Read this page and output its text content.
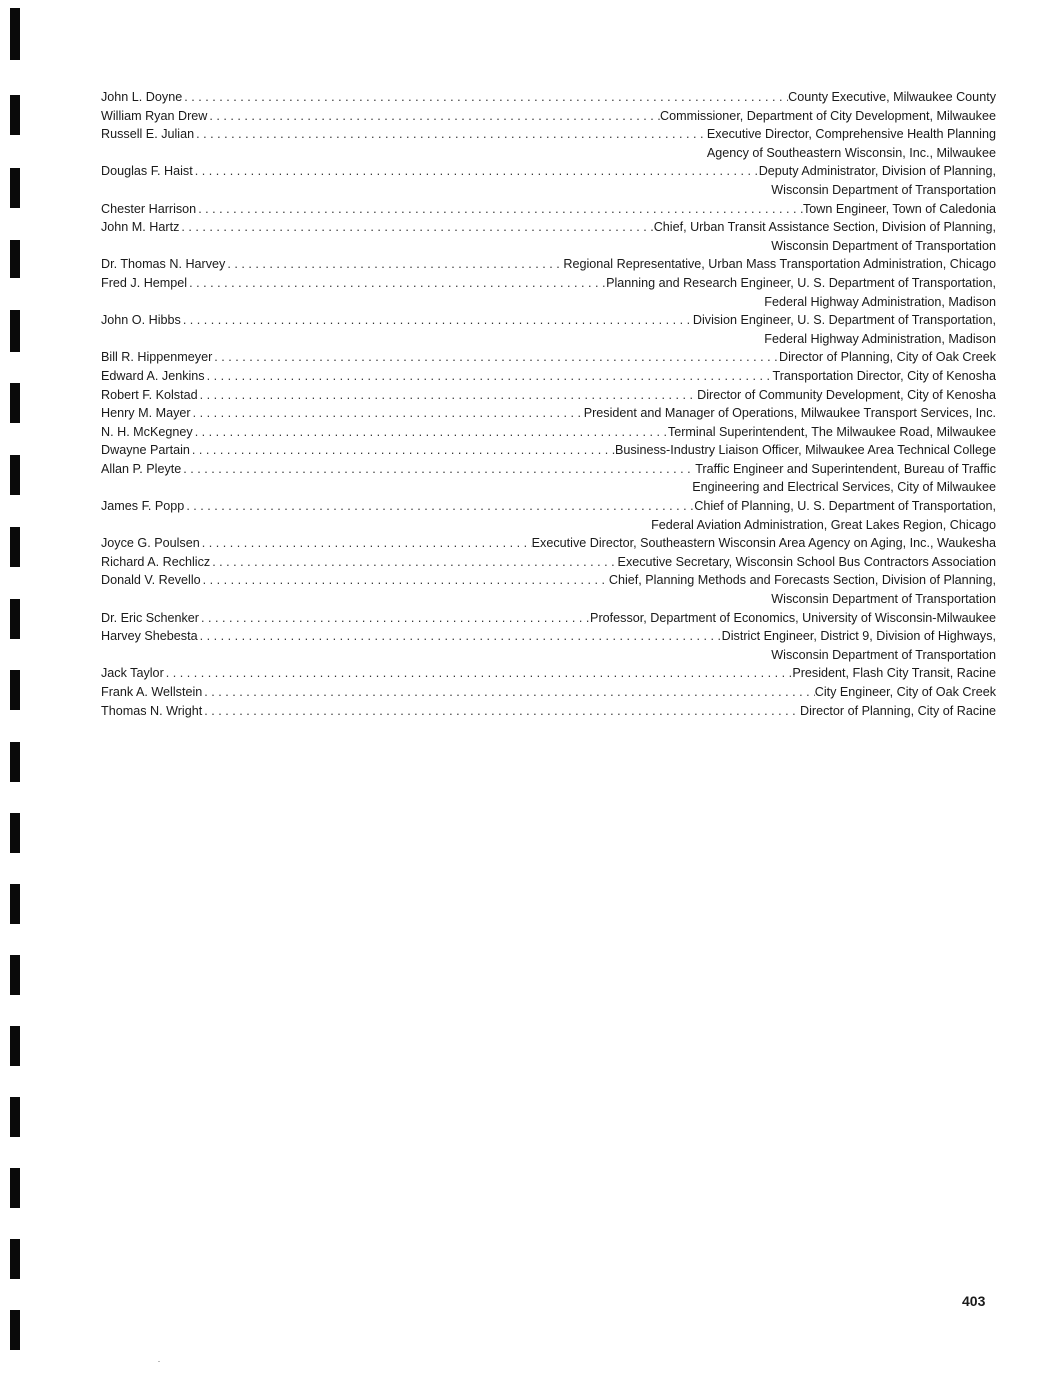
John L. Doyne . . .	County Executive, Milwaukee County
William Ryan Drew . . .	Commissioner, Department of City Development, Milwaukee
Russell E. Julian . . .	Executive Director, Comprehensive Health Planning
Agency of Southeastern Wisconsin, Inc., Milwaukee
Douglas F. Haist . . .	Deputy Administrator, Division of Planning,
Wisconsin Department of Transportation
Chester Harrison . . .	Town Engineer, Town of Caledonia
John M. Hartz . . .	Chief, Urban Transit Assistance Section, Division of Planning,
Wisconsin Department of Transportation
Dr. Thomas N. Harvey . . .	Regional Representative, Urban Mass Transportation Administration, Chicago
Fred J. Hempel . . .	Planning and Research Engineer, U. S. Department of Transportation,
Federal Highway Administration, Madison
John O. Hibbs . . .	Division Engineer, U. S. Department of Transportation,
Federal Highway Administration, Madison
Bill R. Hippenmeyer . . .	Director of Planning, City of Oak Creek
Edward A. Jenkins . . .	Transportation Director, City of Kenosha
Robert F. Kolstad . . .	Director of Community Development, City of Kenosha
Henry M. Mayer . . .	President and Manager of Operations, Milwaukee Transport Services, Inc.
N. H. McKegney . . .	Terminal Superintendent, The Milwaukee Road, Milwaukee
Dwayne Partain . . .	Business-Industry Liaison Officer, Milwaukee Area Technical College
Allan P. Pleyte . . .	Traffic Engineer and Superintendent, Bureau of Traffic
Engineering and Electrical Services, City of Milwaukee
James F. Popp . . .	Chief of Planning, U. S. Department of Transportation,
Federal Aviation Administration, Great Lakes Region, Chicago
Joyce G. Poulsen . . .	Executive Director, Southeastern Wisconsin Area Agency on Aging, Inc., Waukesha
Richard A. Rechlicz . . .	Executive Secretary, Wisconsin School Bus Contractors Association
Donald V. Revello . . .	Chief, Planning Methods and Forecasts Section, Division of Planning,
Wisconsin Department of Transportation
Dr. Eric Schenker . . .	Professor, Department of Economics, University of Wisconsin-Milwaukee
Harvey Shebesta . . .	District Engineer, District 9, Division of Highways,
Wisconsin Department of Transportation
Jack Taylor . . .	President, Flash City Transit, Racine
Frank A. Wellstein . . .	City Engineer, City of Oak Creek
Thomas N. Wright . . .	Director of Planning, City of Racine
403
